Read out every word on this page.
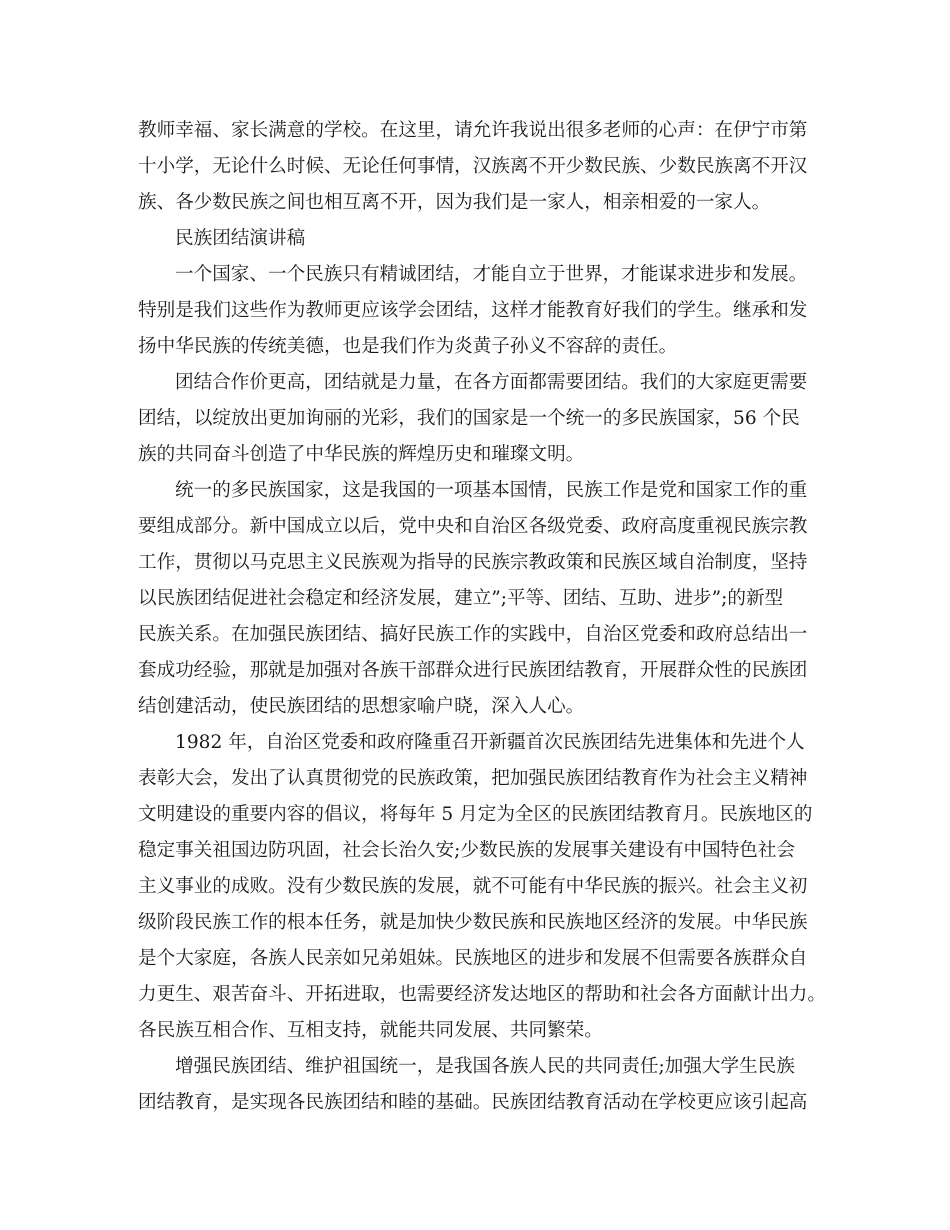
教师幸福、家长满意的学校。在这里，请允许我说出很多老师的心声：在伊宁市第
十小学，无论什么时候、无论任何事情，汉族离不开少数民族、少数民族离不开汉
族、各少数民族之间也相互离不开，因为我们是一家人，相亲相爱的一家人。
民族团结演讲稿
一个国家、一个民族只有精诚团结，才能自立于世界，才能谋求进步和发展。
特别是我们这些作为教师更应该学会团结，这样才能教育好我们的学生。继承和发
扬中华民族的传统美德，也是我们作为炎黄子孙义不容辞的责任。
团结合作价更高，团结就是力量，在各方面都需要团结。我们的大家庭更需要
团结，以绽放出更加询丽的光彩，我们的国家是一个统一的多民族国家，56 个民
族的共同奋斗创造了中华民族的辉煌历史和璀璨文明。
统一的多民族国家，这是我国的一项基本国情，民族工作是党和国家工作的重
要组成部分。新中国成立以后，党中央和自治区各级党委、政府高度重视民族宗教
工作，贯彻以马克思主义民族观为指导的民族宗教政策和民族区域自治制度，坚持
以民族团结促进社会稳定和经济发展，建立”;平等、团结、互助、进步”;的新型
民族关系。在加强民族团结、搞好民族工作的实践中，自治区党委和政府总结出一
套成功经验，那就是加强对各族干部群众进行民族团结教育，开展群众性的民族团
结创建活动，使民族团结的思想家喻户晓，深入人心。
1982 年，自治区党委和政府隆重召开新疆首次民族团结先进集体和先进个人
表彰大会，发出了认真贯彻党的民族政策，把加强民族团结教育作为社会主义精神
文明建设的重要内容的倡议，将每年 5 月定为全区的民族团结教育月。民族地区的
稳定事关祖国边防巩固，社会长治久安;少数民族的发展事关建设有中国特色社会
主义事业的成败。没有少数民族的发展，就不可能有中华民族的振兴。社会主义初
级阶段民族工作的根本任务，就是加快少数民族和民族地区经济的发展。中华民族
是个大家庭，各族人民亲如兄弟姐妹。民族地区的进步和发展不但需要各族群众自
力更生、艰苦奋斗、开拓进取，也需要经济发达地区的帮助和社会各方面献计出力。
各民族互相合作、互相支持，就能共同发展、共同繁荣。
增强民族团结、维护祖国统一，是我国各族人民的共同责任;加强大学生民族
团结教育，是实现各民族团结和睦的基础。民族团结教育活动在学校更应该引起高
